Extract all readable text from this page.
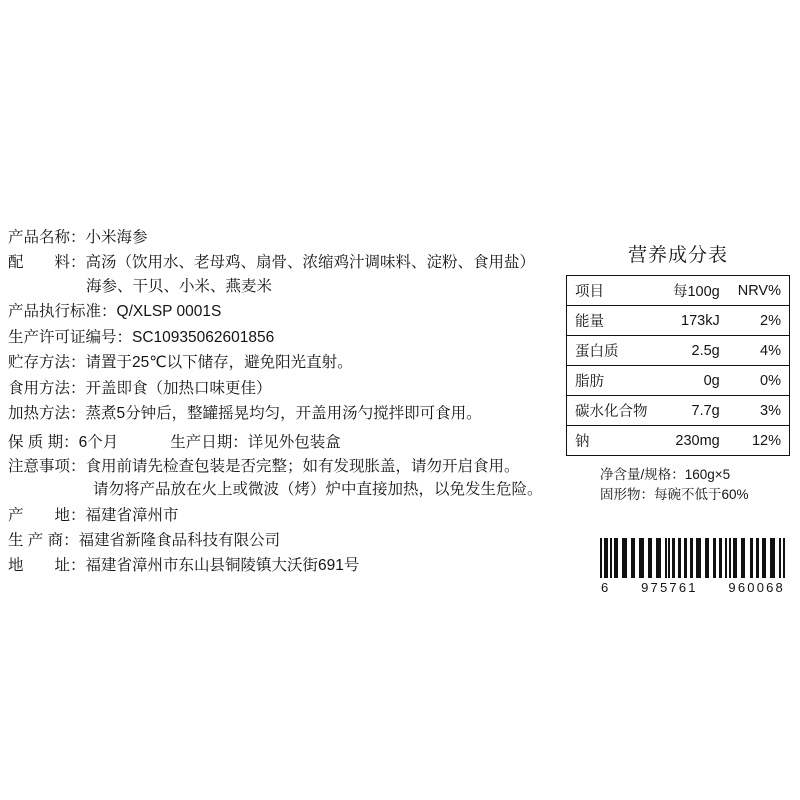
产品名称： 小米海参
配　　料： 高汤（饮用水、老母鸡、扇骨、浓缩鸡汁调味料、淀粉、食用盐）
海参、干贝、小米、燕麦米
产品执行标准： Q/XLSP 0001S
生产许可证编号： SC10935062601856
贮存方法： 请置于25℃以下储存，避免阳光直射。
食用方法： 开盖即食（加热口味更佳）
加热方法： 蒸煮5分钟后，整罐摇晃均匀，开盖用汤勺搅拌即可食用。
保 质 期： 6个月	生产日期： 详见外包装盒
注意事项： 食用前请先检查包装是否完整；如有发现胀盖，请勿开启食用。
请勿将产品放在火上或微波（烤）炉中直接加热，以免发生危险。
产　　地： 福建省漳州市
生 产 商： 福建省新隆食品科技有限公司
地　　址： 福建省漳州市东山县铜陵镇大沃街691号
营养成分表
项目	每100g	NRV%
能量	173kJ	2%
蛋白质	2.5g	4%
脂肪	0g	0%
碳水化合物	7.7g	3%
钠	230mg	12%
净含量/规格： 160g×5
固形物： 每碗不低于60%
6 975761 960068
